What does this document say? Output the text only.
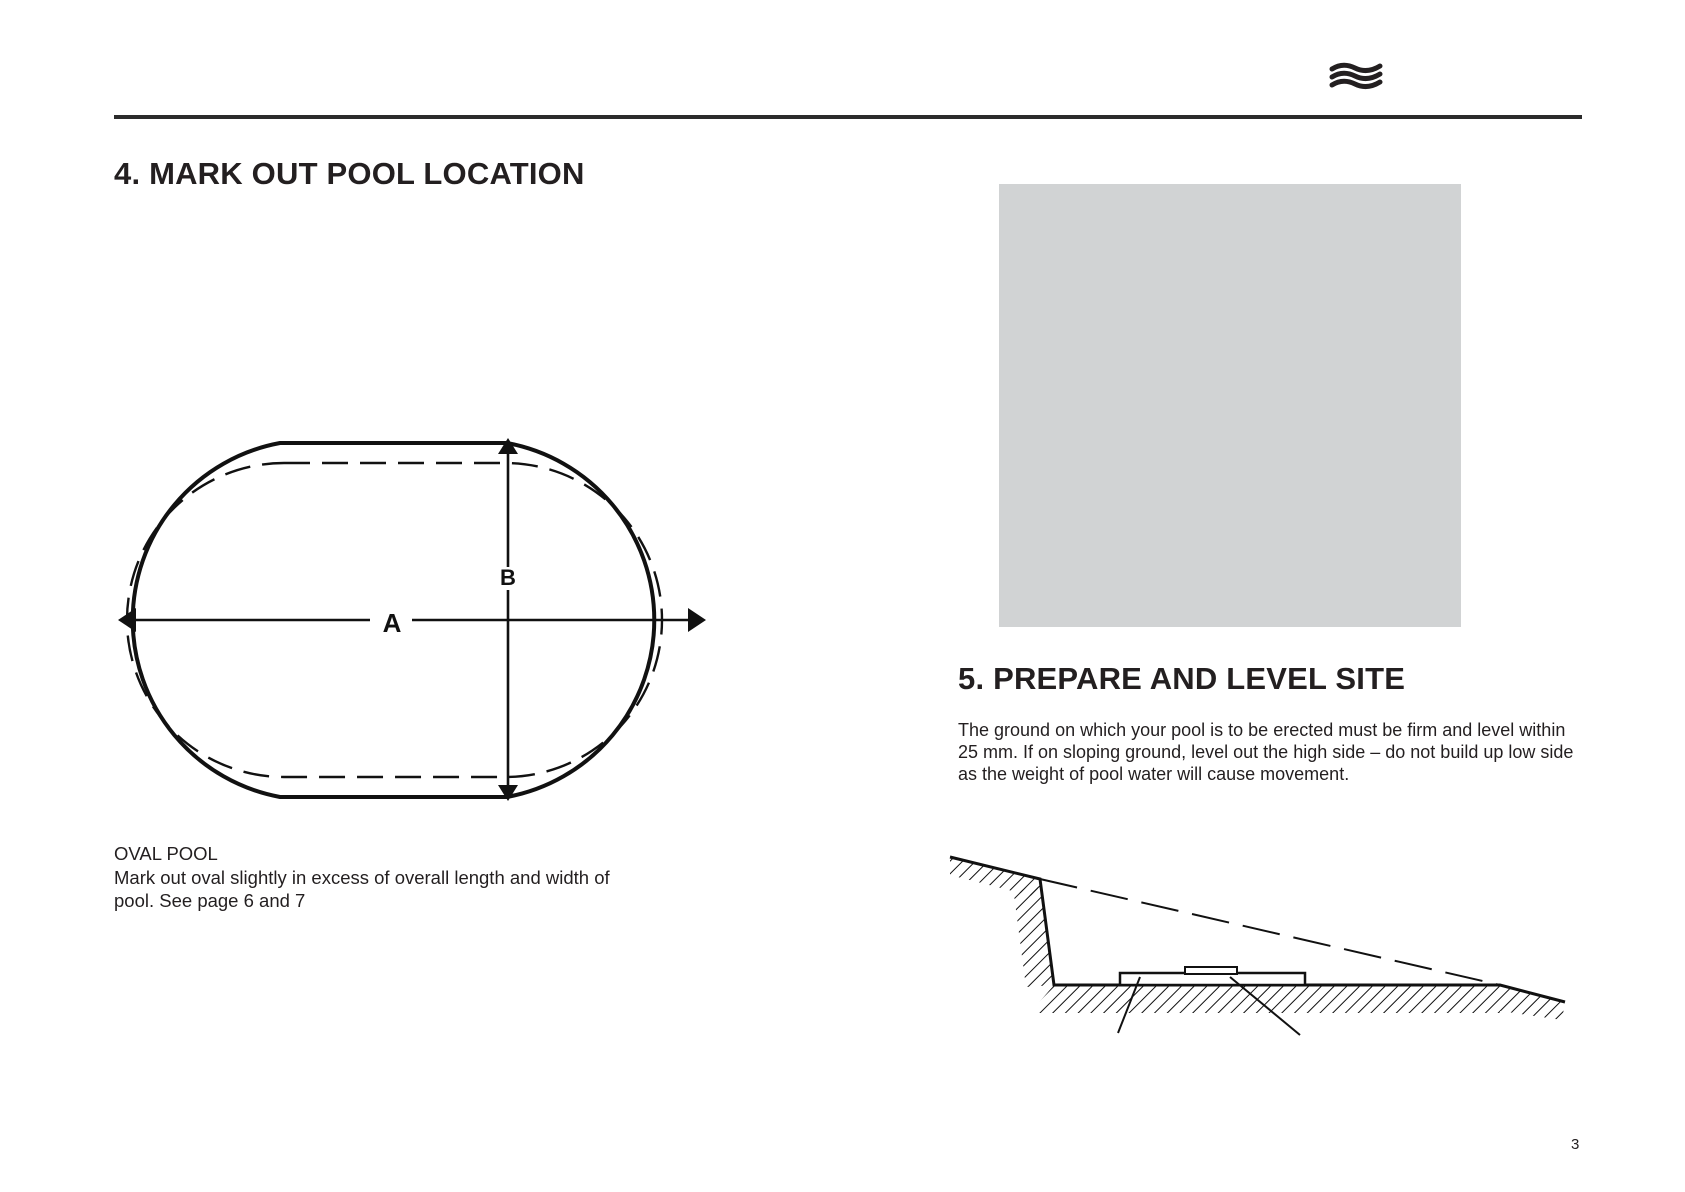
4. MARK OUT POOL LOCATION
A
B

OVAL POOL

Mark out oval slightly in excess of overall length and width of pool. See page 6 and 7

5. PREPARE AND LEVEL SITE

The ground on which your pool is to be erected must be firm and level within 25 mm. If on sloping ground, level out the high side – do not build up low side as the weight of pool water will cause movement.

3
